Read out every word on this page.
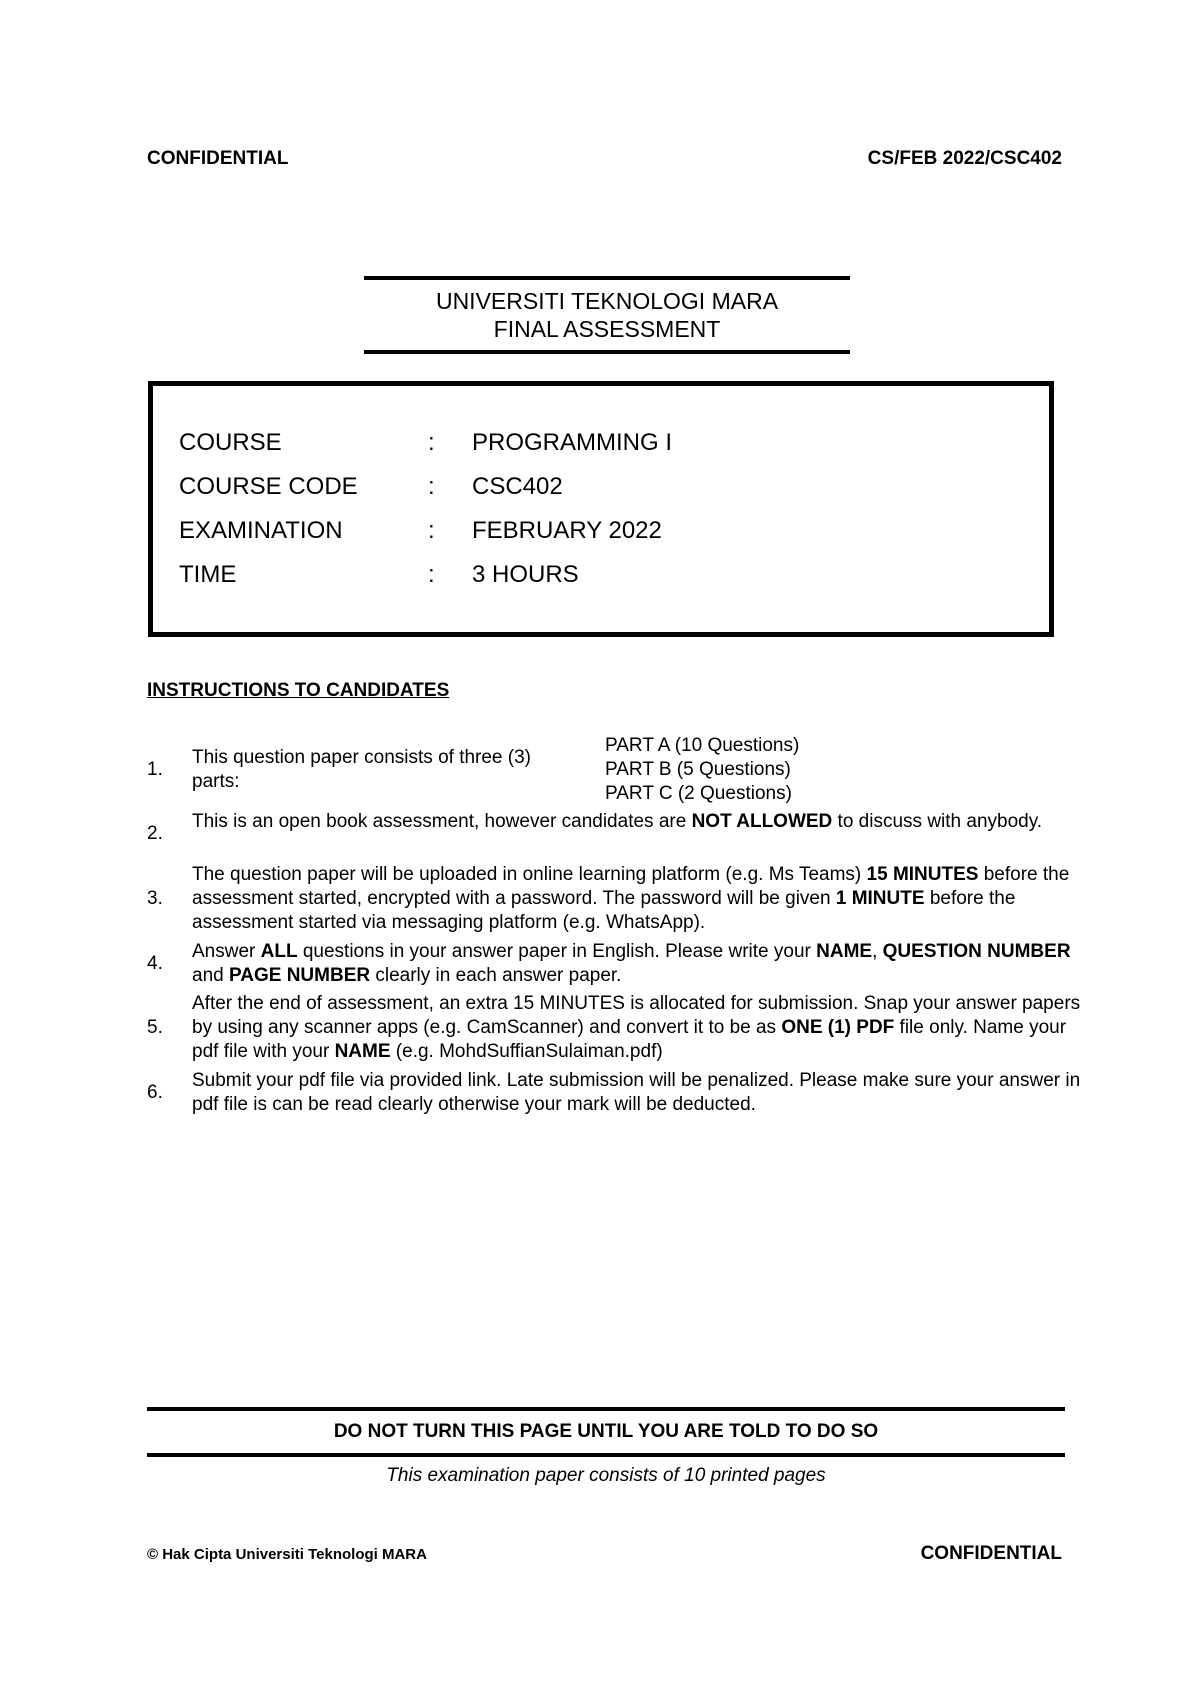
CONFIDENTIAL	CS/FEB 2022/CSC402
UNIVERSITI TEKNOLOGI MARA
FINAL ASSESSMENT
COURSE	: PROGRAMMING I
COURSE CODE	: CSC402
EXAMINATION	: FEBRUARY 2022
TIME	: 3 HOURS
INSTRUCTIONS TO CANDIDATES
1.
This question paper consists of three (3) parts:
PART A (10 Questions)
PART B (5 Questions)
PART C (2 Questions)
2.
This is an open book assessment, however candidates are NOT ALLOWED to discuss with anybody.
3.
The question paper will be uploaded in online learning platform (e.g. Ms Teams) 15 MINUTES before the assessment started, encrypted with a password. The password will be given 1 MINUTE before the assessment started via messaging platform (e.g. WhatsApp).
4.
Answer ALL questions in your answer paper in English. Please write your NAME, QUESTION NUMBER and PAGE NUMBER clearly in each answer paper.
5.
After the end of assessment, an extra 15 MINUTES is allocated for submission. Snap your answer papers by using any scanner apps (e.g. CamScanner) and convert it to be as ONE (1) PDF file only. Name your pdf file with your NAME (e.g. MohdSuffianSulaiman.pdf)
6.
Submit your pdf file via provided link. Late submission will be penalized. Please make sure your answer in pdf file is can be read clearly otherwise your mark will be deducted.
DO NOT TURN THIS PAGE UNTIL YOU ARE TOLD TO DO SO
This examination paper consists of 10 printed pages
© Hak Cipta Universiti Teknologi MARA	CONFIDENTIAL
